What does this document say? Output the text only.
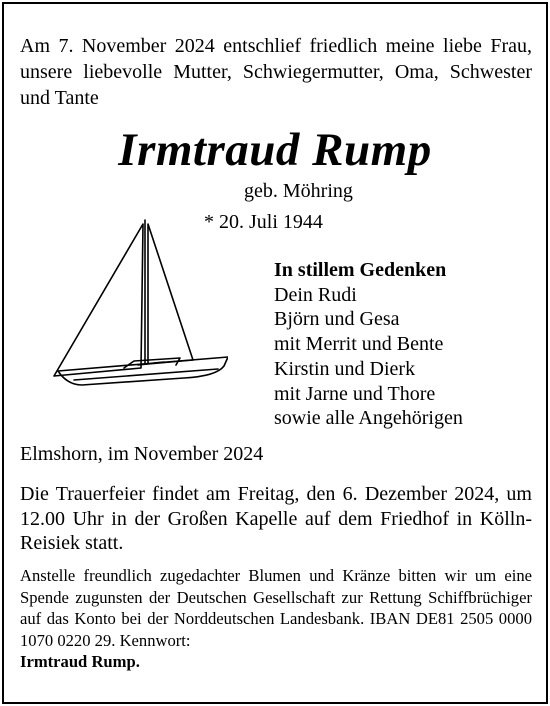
Am 7. November 2024 entschlief friedlich meine liebe Frau, unsere liebevolle Mutter, Schwiegermutter, Oma, Schwester und Tante
Irmtraud Rump
geb. Möhring
* 20. Juli 1944
In stillem Gedenken
Dein Rudi
Björn und Gesa
mit Merrit und Bente
Kirstin und Dierk
mit Jarne und Thore
sowie alle Angehörigen
Elmshorn, im November 2024
Die Trauerfeier findet am Freitag, den 6. Dezember 2024, um 12.00 Uhr in der Großen Kapelle auf dem Friedhof in Kölln-Reisiek statt.
Anstelle freundlich zugedachter Blumen und Kränze bitten wir um eine Spende zugunsten der Deutschen Gesellschaft zur Rettung Schiffbrüchiger auf das Konto bei der Norddeutschen Landesbank. IBAN DE81 2505 0000 1070 0220 29. Kennwort:
Irmtraud Rump.
